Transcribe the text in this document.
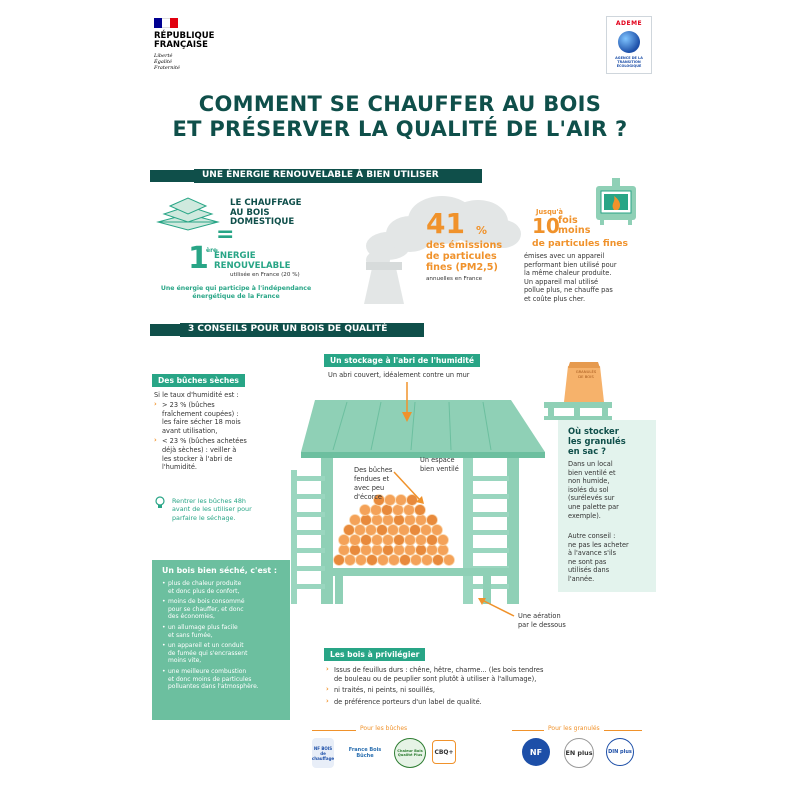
RÉPUBLIQUE
FRANÇAISE
Liberté
Égalité
Fraternité
ADEME
AGENCE DE LA TRANSITION ÉCOLOGIQUE
COMMENT SE CHAUFFER AU BOIS
ET PRÉSERVER LA QUALITÉ DE L'AIR ?
UNE ÉNERGIE RENOUVELABLE À BIEN UTILISER
LE CHAUFFAGE
AU BOIS
DOMESTIQUE
=
1
ère
ÉNERGIE
RENOUVELABLE
utilisée en France (20 %)
Une énergie qui participe à l'indépendance
énergétique de la France
41 %
des émissions
de particules
fines (PM2,5)
annuelles en France
Jusqu'à
10
fois
moins
de particules fines
émises avec un appareil
performant bien utilisé pour
la même chaleur produite.
Un appareil mal utilisé
pollue plus, ne chauffe pas
et coûte plus cher.
3 CONSEILS POUR UN BOIS DE QUALITÉ
Un stockage à l'abri de l'humidité
Un abri couvert, idéalement contre un mur
Des bûches
fendues et
avec peu
d'écorce
Un espace
bien ventilé
Une aération
par le dessous
Des bûches sèches
Si le taux d'humidité est :
› > 23 % (bûches
fraîchement coupées) :
les faire sécher 18 mois
avant utilisation,
› < 23 % (bûches achetées
déjà sèches) : veiller à
les stocker à l'abri de
l'humidité.
Rentrer les bûches 48h
avant de les utiliser pour
parfaire le séchage.
GRANULÉS
DE BOIS
Où stocker
les granulés
en sac ?
Dans un local
bien ventilé et
non humide,
isolés du sol
(surélevés sur
une palette par
exemple).
Autre conseil :
ne pas les acheter
à l'avance s'ils
ne sont pas
utilisés dans
l'année.
Un bois bien séché, c'est :
• plus de chaleur produite
et donc plus de confort,
• moins de bois consommé
pour se chauffer, et donc
des économies,
• un allumage plus facile
et sans fumée,
• un appareil et un conduit
de fumée qui s'encrassent
moins vite,
• une meilleure combustion
et donc moins de particules
polluantes dans l'atmosphère.
Les bois à privilégier
› Issus de feuillus durs : chêne, hêtre, charme... (les bois tendres
de bouleau ou de peuplier sont plutôt à utiliser à l'allumage),
› ni traités, ni peints, ni souillés,
› de préférence porteurs d'un label de qualité.
Pour les bûches	Pour les granulés
NF BOIS de chauffage
France Bois Bûche
Chaleur Bois Qualité Plus	CBQ+	NF	EN plus	DIN plus
